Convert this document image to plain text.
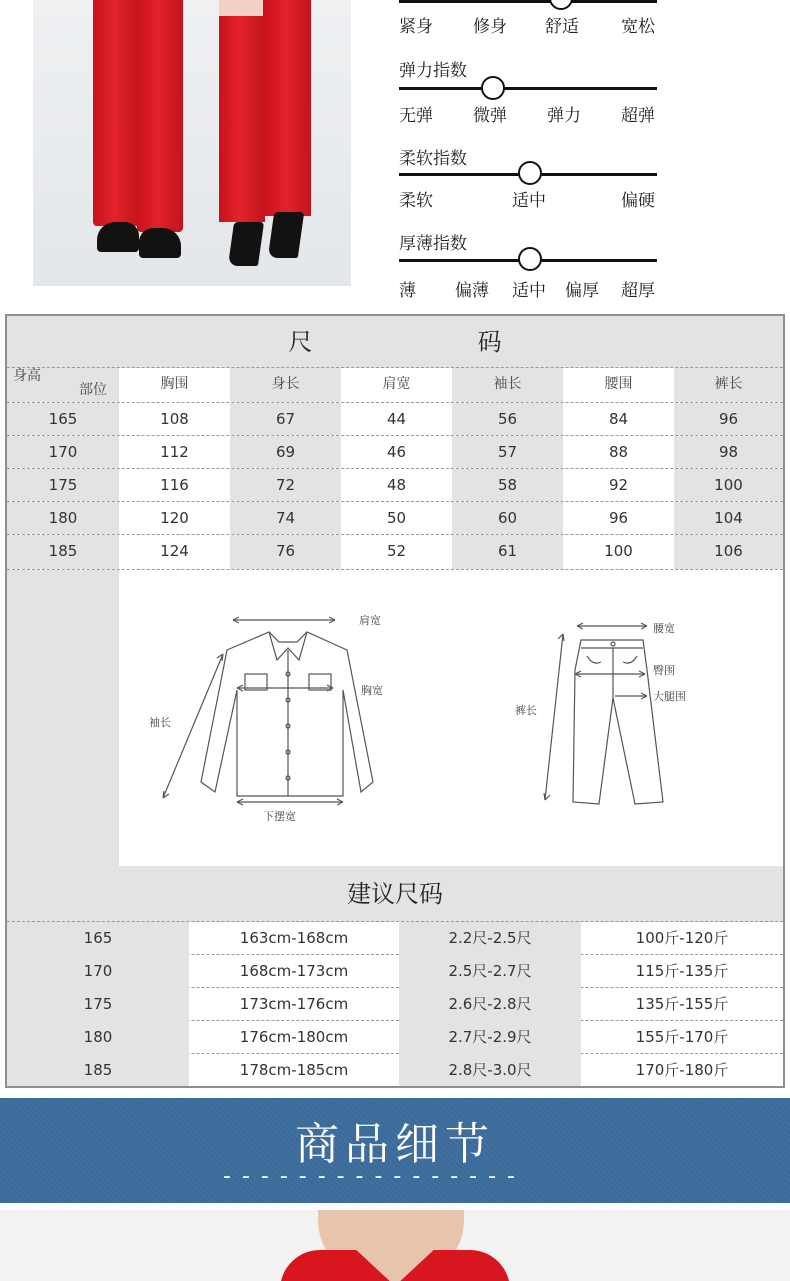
紧身 修身 舒适 宽松
弹力指数
无弹 微弹 弹力 超弹
柔软指数
柔软	适中	偏硬
厚薄指数
薄 偏薄 适中 偏厚 超厚
尺	码
身高
部位	胸围	身长	肩宽	袖长	腰围	裤长
165	108	67	44	56	84	96
170	112	69	46	57	88	98
175	116	72	48	58	92	100
180	120	74	50	60	96	104
185	124	76	52	61	100	106
肩宽
胸宽
袖长
下摆宽
腰宽
臀围
大腿围
裤长
建议尺码
165	163cm-168cm	2.2尺-2.5尺	100斤-120斤
170	168cm-173cm	2.5尺-2.7尺	115斤-135斤
175	173cm-176cm	2.6尺-2.8尺	135斤-155斤
180	176cm-180cm	2.7尺-2.9尺	155斤-170斤
185	178cm-185cm	2.8尺-3.0尺	170斤-180斤
商品细节
- - - - - - - - - - - - - - - -
